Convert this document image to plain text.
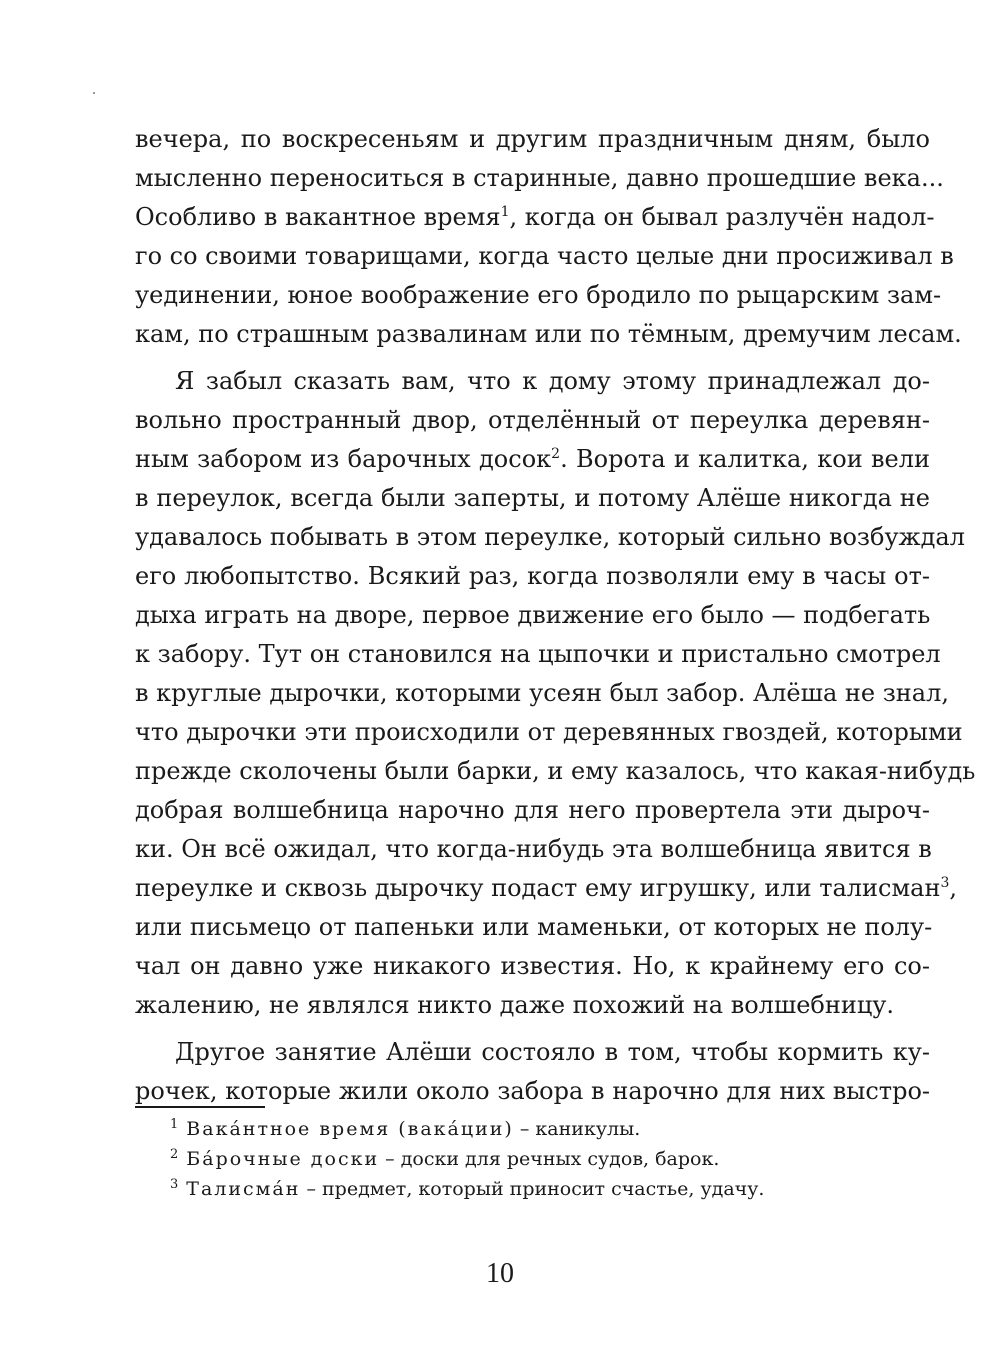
вечера, по воскресеньям и другим праздничным дням, было
мысленно переноситься в старинные, давно прошедшие века...
Особливо в вакантное время$^1$, когда он бывал разлучён надол-
го со своими товарищами, когда часто целые дни просиживал в
уединении, юное воображение его бродило по рыцарским зам-
кам, по страшным развалинам или по тёмным, дремучим лесам.
Я забыл сказать вам, что к дому этому принадлежал до-
вольно пространный двор, отделённый от переулка деревян-
ным забором из барочных досок$^2$. Ворота и калитка, кои вели
в переулок, всегда были заперты, и потому Алёше никогда не
удавалось побывать в этом переулке, который сильно возбуждал
его любопытство. Всякий раз, когда позволяли ему в часы от-
дыха играть на дворе, первое движение его было — подбегать
к забору. Тут он становился на цыпочки и пристально смотрел
в круглые дырочки, которыми усеян был забор. Алёша не знал,
что дырочки эти происходили от деревянных гвоздей, которыми
прежде сколочены были барки, и ему казалось, что какая-нибудь
добрая волшебница нарочно для него провертела эти дыроч-
ки. Он всё ожидал, что когда-нибудь эта волшебница явится в
переулке и сквозь дырочку подаст ему игрушку, или талисман$^3$,
или письмецо от папеньки или маменьки, от которых не полу-
чал он давно уже никакого известия. Но, к крайнему его со-
жалению, не являлся никто даже похожий на волшебницу.
Другое занятие Алёши состояло в том, чтобы кормить ку-
рочек, которые жили около забора в нарочно для них выстро-
$^1$ Вака́нтное время (вака́ции) – каникулы.
$^2$ Ба́рочные доски – доски для речных судов, барок.
$^3$ Талисма́н – предмет, который приносит счастье, удачу.
10
